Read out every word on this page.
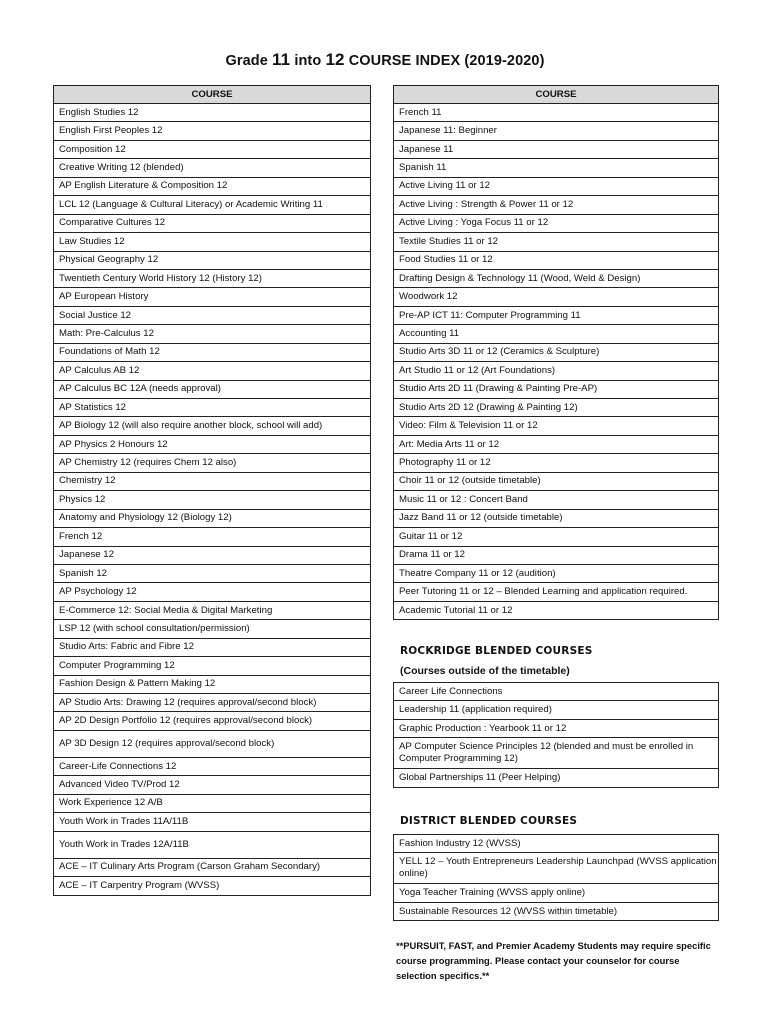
Grade 11 into 12 COURSE INDEX (2019-2020)
COURSE
English Studies 12
English First Peoples 12
Composition 12
Creative Writing 12 (blended)
AP English Literature & Composition 12
LCL 12 (Language & Cultural Literacy) or Academic Writing 11
Comparative Cultures 12
Law Studies 12
Physical Geography 12
Twentieth Century World History 12 (History 12)
AP European History
Social Justice 12
Math: Pre-Calculus 12
Foundations of Math 12
AP Calculus AB 12
AP Calculus BC 12A (needs approval)
AP Statistics 12
AP Biology 12 (will also require another block, school will add)
AP Physics 2 Honours 12
AP Chemistry 12 (requires Chem 12 also)
Chemistry 12
Physics 12
Anatomy and Physiology 12 (Biology 12)
French 12
Japanese 12
Spanish 12
AP Psychology 12
E-Commerce 12: Social Media & Digital Marketing
LSP 12 (with school consultation/permission)
Studio Arts: Fabric and Fibre 12
Computer Programming 12
Fashion Design & Pattern Making 12
AP Studio Arts: Drawing 12 (requires approval/second block)
AP 2D Design Portfolio 12 (requires approval/second block)
AP 3D Design 12 (requires approval/second block)
Career-Life Connections 12
Advanced Video TV/Prod 12
Work Experience 12 A/B
Youth Work in Trades 11A/11B
Youth Work in Trades 12A/11B
ACE – IT Culinary Arts Program (Carson Graham Secondary)
ACE – IT Carpentry Program (WVSS)
COURSE
French 11
Japanese 11: Beginner
Japanese 11
Spanish 11
Active Living 11 or 12
Active Living : Strength & Power 11 or 12
Active Living : Yoga Focus 11 or 12
Textile Studies 11 or 12
Food Studies 11 or 12
Drafting Design & Technology 11 (Wood, Weld & Design)
Woodwork 12
Pre-AP ICT 11: Computer Programming 11
Accounting 11
Studio Arts 3D 11 or 12 (Ceramics & Sculpture)
Art Studio 11 or 12 (Art Foundations)
Studio Arts 2D 11 (Drawing & Painting Pre-AP)
Studio Arts 2D 12 (Drawing & Painting 12)
Video: Film & Television 11 or 12
Art: Media Arts 11 or 12
Photography 11 or 12
Choir 11 or 12 (outside timetable)
Music 11 or 12 : Concert Band
Jazz Band 11 or 12 (outside timetable)
Guitar 11 or 12
Drama 11 or 12
Theatre Company 11 or 12 (audition)
Peer Tutoring 11 or 12 – Blended Learning and application required.
Academic Tutorial 11 or 12
ROCKRIDGE BLENDED COURSES
(Courses outside of the timetable)
Career Life Connections
Leadership 11 (application required)
Graphic Production : Yearbook 11 or 12
AP Computer Science Principles 12 (blended and must be enrolled in Computer Programming 12)
Global Partnerships 11 (Peer Helping)
DISTRICT BLENDED COURSES
Fashion Industry 12 (WVSS)
YELL 12 – Youth Entrepreneurs Leadership Launchpad (WVSS application online)
Yoga Teacher Training (WVSS apply online)
Sustainable Resources 12 (WVSS within timetable)
**PURSUIT, FAST, and Premier Academy Students may require specific course programming. Please contact your counselor for course selection specifics.**
